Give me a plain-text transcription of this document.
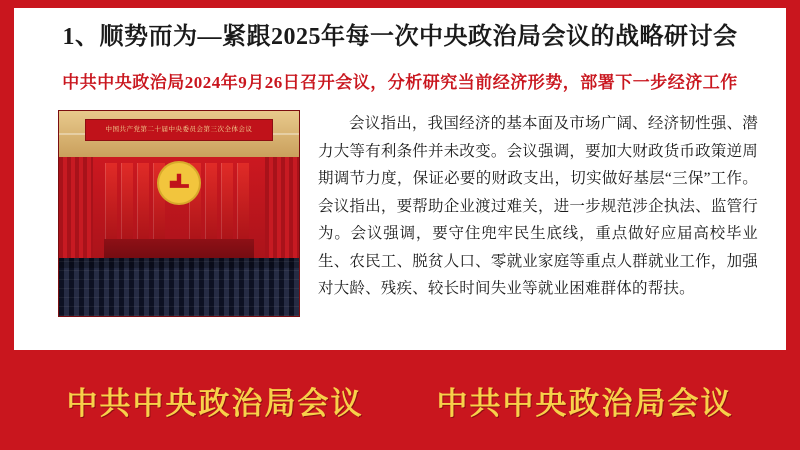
1、顺势而为—紧跟2025年每一次中央政治局会议的战略研讨会
中共中央政治局2024年9月26日召开会议，分析研究当前经济形势，部署下一步经济工作
中国共产党第二十届中央委员会第三次全体会议	会议指出，我国经济的基本面及市场广阔、经济韧性强、潜力大等有利条件并未改变。会议强调，要加大财政货币政策逆周期调节力度，保证必要的财政支出，切实做好基层“三保”工作。会议指出，要帮助企业渡过难关，进一步规范涉企执法、监管行为。会议强调，要守住兜牢民生底线，重点做好应届高校毕业生、农民工、脱贫人口、零就业家庭等重点人群就业工作，加强对大龄、残疾、较长时间失业等就业困难群体的帮扶。
中共中央政治局会议 中共中央政治局会议
